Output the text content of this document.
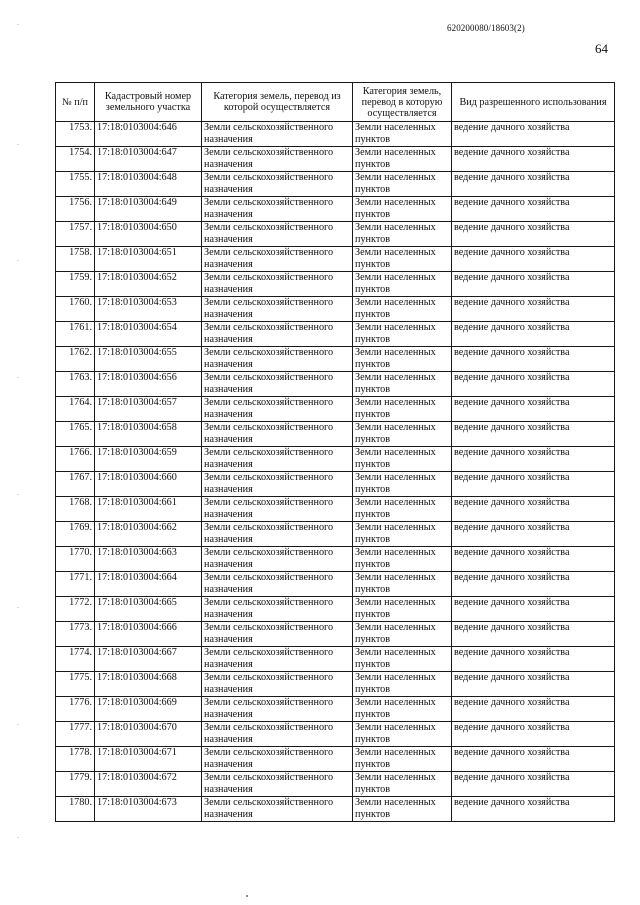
620200080/18603(2)
64
ᐧ
ᐧ
ᐧ
ᐧ
ᐧ
ᐧ
ᐧ
ᐧ
№ п/п	Кадастровый номер земельного участка	Категория земель, перевод из которой осуществляется	Категория земель, перевод в которую осуществляется	Вид разрешенного использования
1753.	17:18:0103004:646	Земли сельскохозяйственного назначения	Земли населенных пунктов	ведение дачного хозяйства
1754.	17:18:0103004:647	Земли сельскохозяйственного назначения	Земли населенных пунктов	ведение дачного хозяйства
1755.	17:18:0103004:648	Земли сельскохозяйственного назначения	Земли населенных пунктов	ведение дачного хозяйства
1756.	17:18:0103004:649	Земли сельскохозяйственного назначения	Земли населенных пунктов	ведение дачного хозяйства
1757.	17:18:0103004:650	Земли сельскохозяйственного назначения	Земли населенных пунктов	ведение дачного хозяйства
1758.	17:18:0103004:651	Земли сельскохозяйственного назначения	Земли населенных пунктов	ведение дачного хозяйства
1759.	17:18:0103004:652	Земли сельскохозяйственного назначения	Земли населенных пунктов	ведение дачного хозяйства
1760.	17:18:0103004:653	Земли сельскохозяйственного назначения	Земли населенных пунктов	ведение дачного хозяйства
1761.	17:18:0103004:654	Земли сельскохозяйственного назначения	Земли населенных пунктов	ведение дачного хозяйства
1762.	17:18:0103004:655	Земли сельскохозяйственного назначения	Земли населенных пунктов	ведение дачного хозяйства
1763.	17:18:0103004:656	Земли сельскохозяйственного назначения	Земли населенных пунктов	ведение дачного хозяйства
1764.	17:18:0103004:657	Земли сельскохозяйственного назначения	Земли населенных пунктов	ведение дачного хозяйства
1765.	17:18:0103004:658	Земли сельскохозяйственного назначения	Земли населенных пунктов	ведение дачного хозяйства
1766.	17:18:0103004:659	Земли сельскохозяйственного назначения	Земли населенных пунктов	ведение дачного хозяйства
1767.	17:18:0103004:660	Земли сельскохозяйственного назначения	Земли населенных пунктов	ведение дачного хозяйства
1768.	17:18:0103004:661	Земли сельскохозяйственного назначения	Земли населенных пунктов	ведение дачного хозяйства
1769.	17:18:0103004:662	Земли сельскохозяйственного назначения	Земли населенных пунктов	ведение дачного хозяйства
1770.	17:18:0103004:663	Земли сельскохозяйственного назначения	Земли населенных пунктов	ведение дачного хозяйства
1771.	17:18:0103004:664	Земли сельскохозяйственного назначения	Земли населенных пунктов	ведение дачного хозяйства
1772.	17:18:0103004:665	Земли сельскохозяйственного назначения	Земли населенных пунктов	ведение дачного хозяйства
1773.	17:18:0103004:666	Земли сельскохозяйственного назначения	Земли населенных пунктов	ведение дачного хозяйства
1774.	17:18:0103004:667	Земли сельскохозяйственного назначения	Земли населенных пунктов	ведение дачного хозяйства
1775.	17:18:0103004:668	Земли сельскохозяйственного назначения	Земли населенных пунктов	ведение дачного хозяйства
1776.	17:18:0103004:669	Земли сельскохозяйственного назначения	Земли населенных пунктов	ведение дачного хозяйства
1777.	17:18:0103004:670	Земли сельскохозяйственного назначения	Земли населенных пунктов	ведение дачного хозяйства
1778.	17:18:0103004:671	Земли сельскохозяйственного назначения	Земли населенных пунктов	ведение дачного хозяйства
1779.	17:18:0103004:672	Земли сельскохозяйственного назначения	Земли населенных пунктов	ведение дачного хозяйства
1780.	17:18:0103004:673	Земли сельскохозяйственного назначения	Земли населенных пунктов	ведение дачного хозяйства
